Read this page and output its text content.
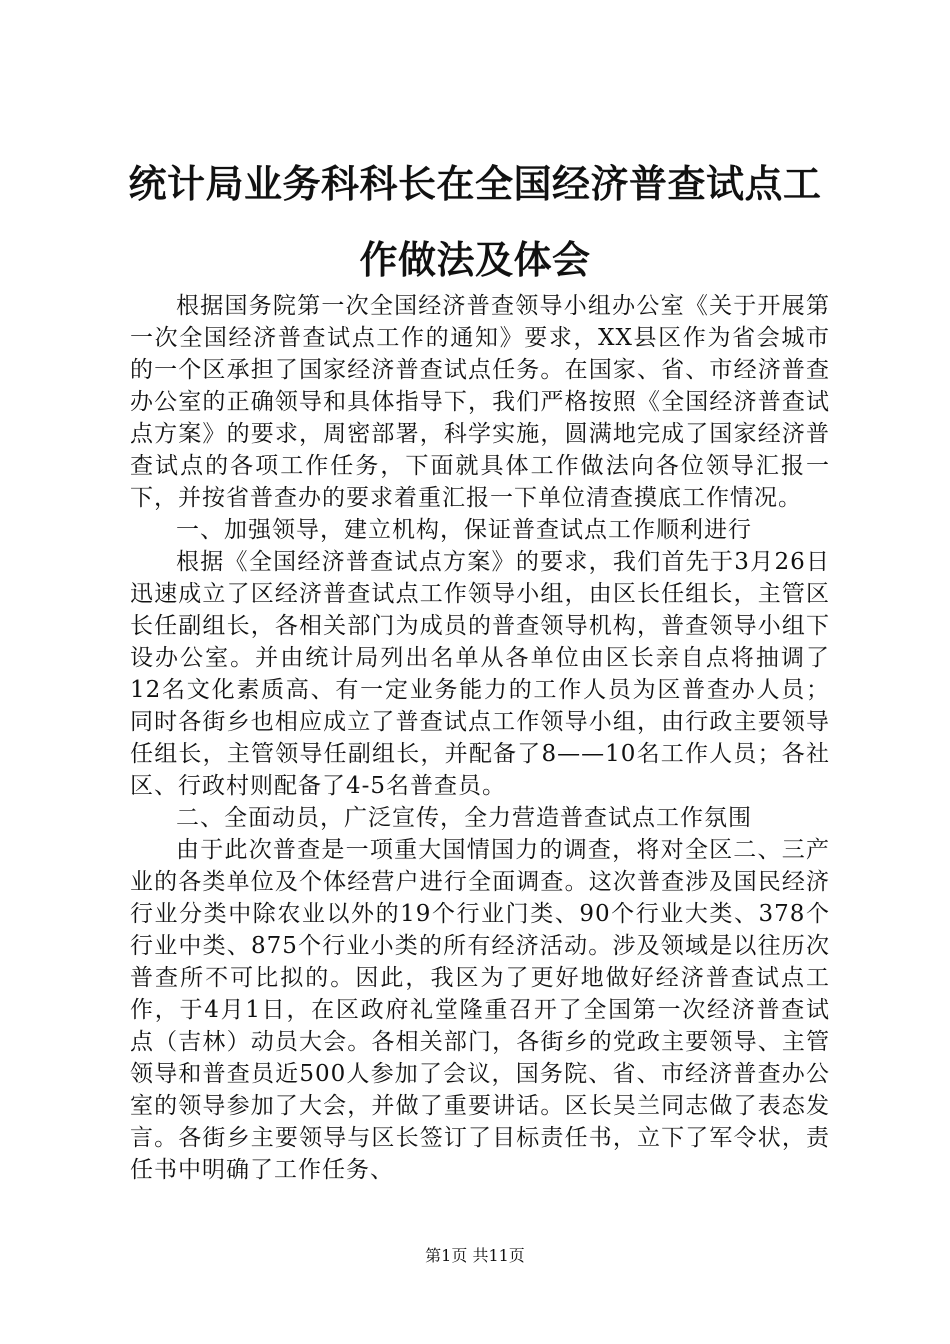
统计局业务科科长在全国经济普查试点工作做法及体会

根据国务院第一次全国经济普查领导小组办公室《关于开展第一次全国经济普查试点工作的通知》要求，XX县区作为省会城市的一个区承担了国家经济普查试点任务。在国家、省、市经济普查办公室的正确领导和具体指导下，我们严格按照《全国经济普查试点方案》的要求，周密部署，科学实施，圆满地完成了国家经济普查试点的各项工作任务，下面就具体工作做法向各位领导汇报一下，并按省普查办的要求着重汇报一下单位清查摸底工作情况。

一、加强领导，建立机构，保证普查试点工作顺利进行

根据《全国经济普查试点方案》的要求，我们首先于3月26日迅速成立了区经济普查试点工作领导小组，由区长任组长，主管区长任副组长，各相关部门为成员的普查领导机构，普查领导小组下设办公室。并由统计局列出名单从各单位由区长亲自点将抽调了12名文化素质高、有一定业务能力的工作人员为区普查办人员；同时各街乡也相应成立了普查试点工作领导小组，由行政主要领导任组长，主管领导任副组长，并配备了8——10名工作人员；各社区、行政村则配备了4-5名普查员。

二、全面动员，广泛宣传，全力营造普查试点工作氛围

由于此次普查是一项重大国情国力的调查，将对全区二、三产业的各类单位及个体经营户进行全面调查。这次普查涉及国民经济行业分类中除农业以外的19个行业门类、90个行业大类、378个行业中类、875个行业小类的所有经济活动。涉及领域是以往历次普查所不可比拟的。因此，我区为了更好地做好经济普查试点工作，于4月1日，在区政府礼堂隆重召开了全国第一次经济普查试点（吉林）动员大会。各相关部门，各街乡的党政主要领导、主管领导和普查员近500人参加了会议，国务院、省、市经济普查办公室的领导参加了大会，并做了重要讲话。区长吴兰同志做了表态发言。各街乡主要领导与区长签订了目标责任书，立下了军令状，责任书中明确了工作任务、

第1页 共11页
